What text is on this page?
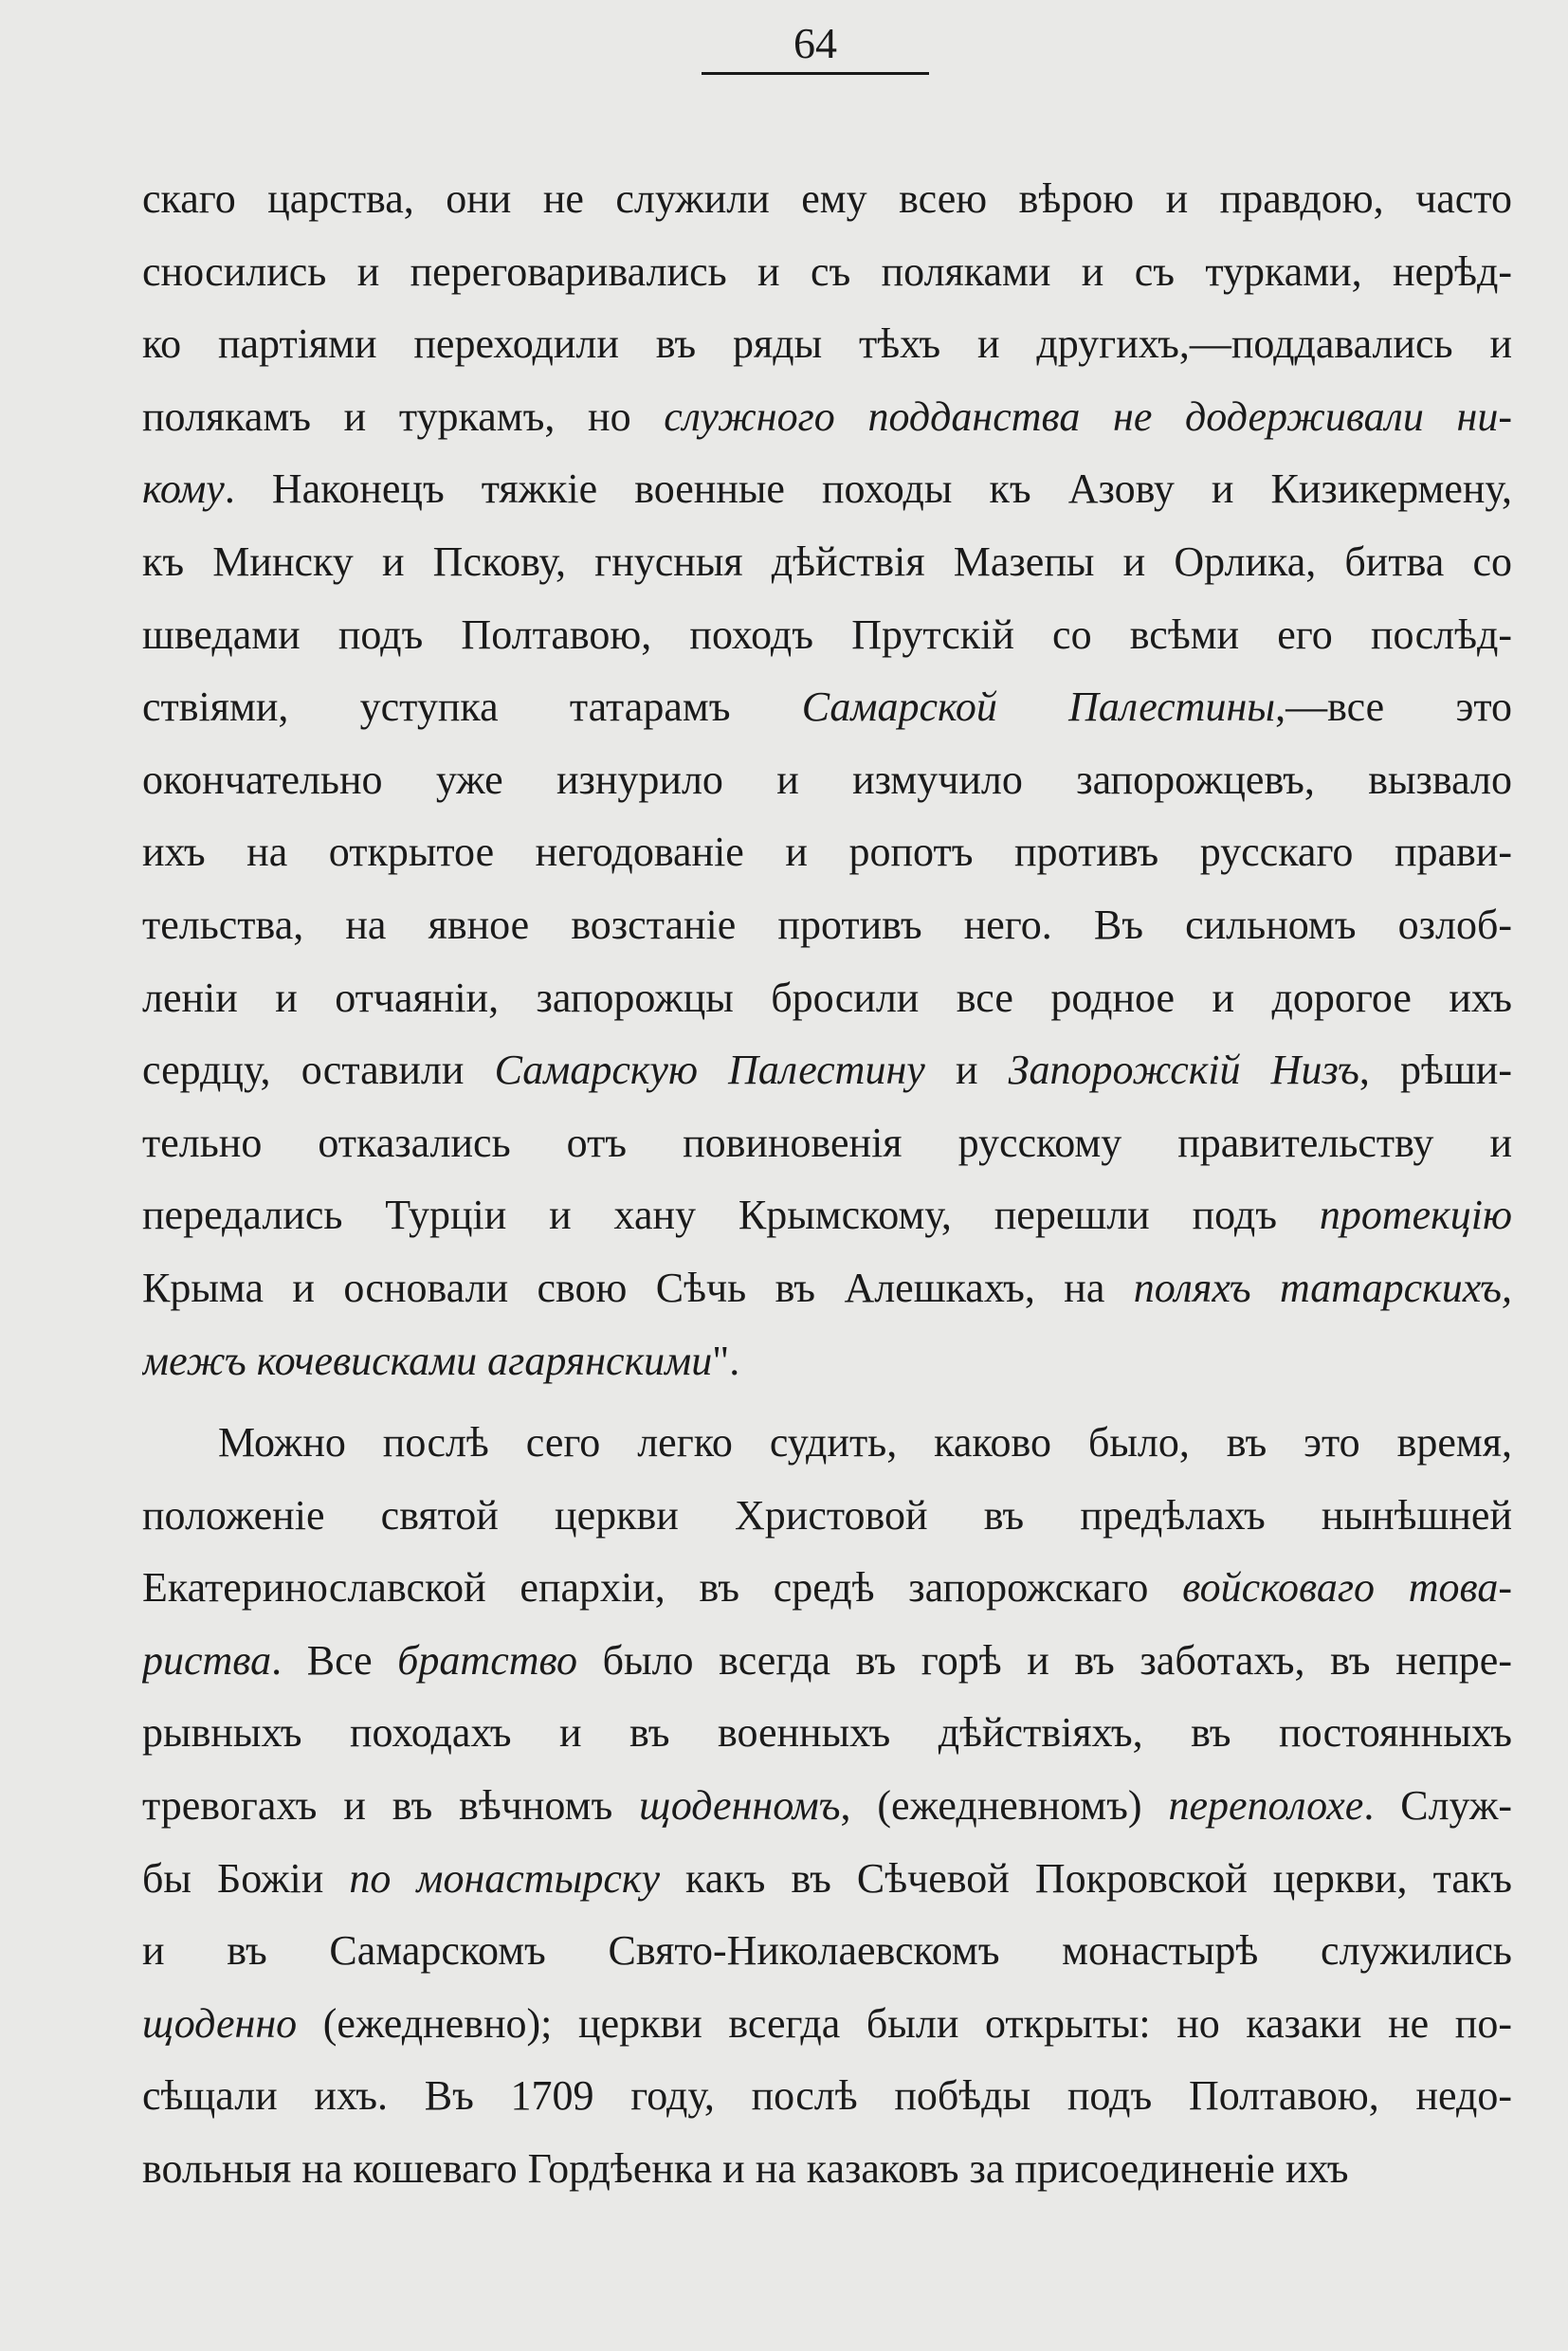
64
скаго царства, они не служили ему всею вѣрою и правдою, часто
сносились и переговаривались и съ поляками и съ турками, нерѣд-
ко партіями переходили въ ряды тѣхъ и другихъ,—поддавались и
полякамъ и туркамъ, но служного подданства не додерживали ни-
кому. Наконецъ тяжкіе военные походы къ Азову и Кизикермену,
къ Минску и Пскову, гнусныя дѣйствія Мазепы и Орлика, битва со
шведами подъ Полтавою, походъ Прутскій со всѣми его послѣд-
ствіями, уступка татарамъ Самарской Палестины,—все это
окончательно уже изнурило и измучило запорожцевъ, вызвало
ихъ на открытое негодованіе и ропотъ противъ русскаго прави-
тельства, на явное возстаніе противъ него. Въ сильномъ озлоб-
леніи и отчаяніи, запорожцы бросили все родное и дорогое ихъ
сердцу, оставили Самарскую Палестину и Запорожскій Низъ, рѣши-
тельно отказались отъ повиновенія русскому правительству и
передались Турціи и хану Крымскому, перешли подъ протекцію
Крыма и основали свою Сѣчь въ Алешкахъ, на поляхъ татарскихъ,
межъ кочевисками агарянскими".
Можно послѣ сего легко судить, каково было, въ это время,
положеніе святой церкви Христовой въ предѣлахъ нынѣшней
Екатеринославской епархіи, въ средѣ запорожскаго войсковаго това-
риства. Все братство было всегда въ горѣ и въ заботахъ, въ непре-
рывныхъ походахъ и въ военныхъ дѣйствіяхъ, въ постоянныхъ
тревогахъ и въ вѣчномъ щоденномъ, (ежедневномъ) переполохе. Служ-
бы Божіи по монастырску какъ въ Сѣчевой Покровской церкви, такъ
и въ Самарскомъ Свято-Николаевскомъ монастырѣ служились
щоденно (ежедневно); церкви всегда были открыты: но казаки не по-
сѣщали ихъ. Въ 1709 году, послѣ побѣды подъ Полтавою, недо-
вольныя на кошеваго Гордѣенка и на казаковъ за присоединеніе ихъ
